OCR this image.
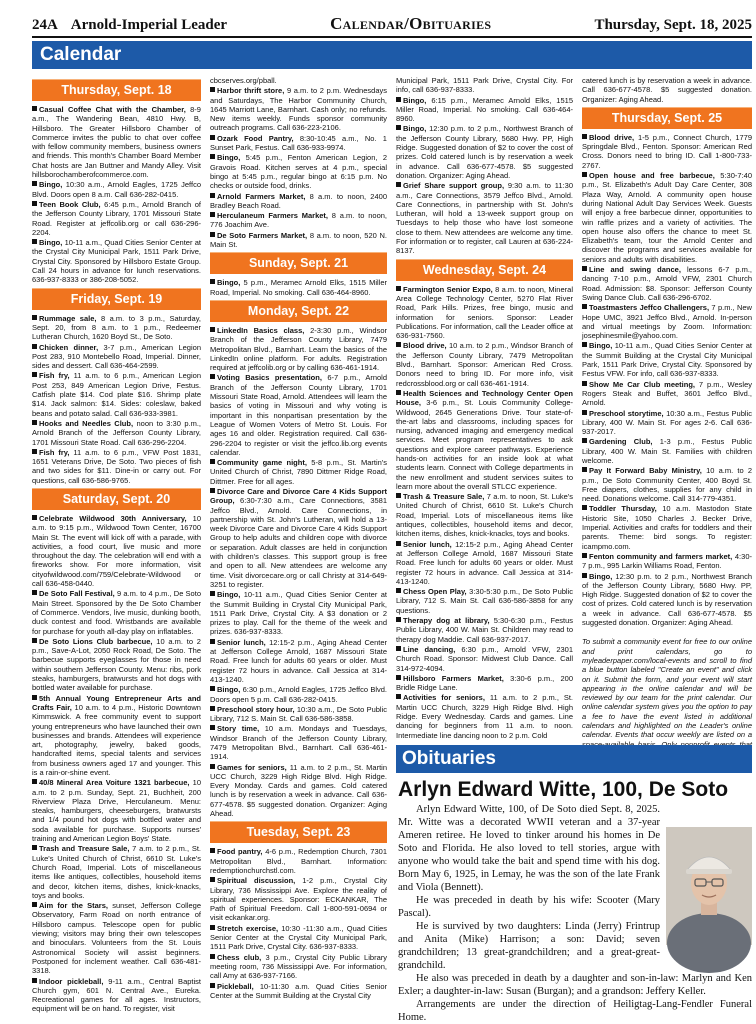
24A Arnold-Imperial Leader	Calendar/Obituaries	Thursday, Sept. 18, 2025
Calendar
Thursday, Sept. 18
Casual Coffee Chat with the Chamber, 8-9 a.m., The Wandering Bean, 4810 Hwy. B, Hillsboro. The Greater Hillsboro Chamber of Commerce invites the public to chat over coffee with fellow community members, business owners and friends. This month's Chamber Board Member Chat hosts are Jan Buttner and Mandy Alley. Visit hillsborochamberofcommerce.com.
Bingo, 10:30 a.m., Arnold Eagles, 1725 Jeffco Blvd. Doors open 8 a.m. Call 636-282-0415.
Teen Book Club, 6:45 p.m., Arnold Branch of the Jefferson County Library, 1701 Missouri State Road. Register at jeffcolib.org or call 636-296-2204.
Bingo, 10-11 a.m., Quad Cities Senior Center at the Crystal City Municipal Park, 1511 Park Drive, Crystal City. Sponsored by Hillsboro Estate Group. Call 24 hours in advance for lunch reservations. 636-937-8333 or 386-208-5052.
Friday, Sept. 19
Rummage sale, 8 a.m. to 3 p.m., Saturday, Sept. 20, from 8 a.m. to 1 p.m., Redeemer Lutheran Church, 1620 Boyd St., De Soto.
Chicken dinner, 3-7 p.m., American Legion Post 283, 910 Montebello Road, Imperial. Dinner, sides and dessert. Call 636-464-2599.
Fish fry, 11 a.m. to 6 p.m., American Legion Post 253, 849 American Legion Drive, Festus. Catfish plate $14. Cod plate $16. Shrimp plate $14. Jack salmon: $14. Sides: coleslaw, baked beans and potato salad. Call 636-933-3981.
Hooks and Needles Club, noon to 3:30 p.m., Arnold Branch of the Jefferson County Library, 1701 Missouri State Road. Call 636-296-2204.
Fish fry, 11 a.m. to 6 p.m., VFW Post 1831, 1651 Veterans Drive, De Soto. Two pieces of fish and two sides for $11. Dine-in or carry out. For questions, call 636-586-9765.
Saturday, Sept. 20
Celebrate Wildwood 30th Anniversary, 10 a.m. to 9:15 p.m., Wildwood Town Center, 16700 Main St. The event will kick off with a parade, with activities, a food court, live music and more throughout the day. The celebration will end with a fireworks show. For more information, visit cityofwildwood.com/759/Celebrate-Wildwood or call 636-458-0440.
De Soto Fall Festival, 9 a.m. to 4 p.m., De Soto Main Street. Sponsored by the De Soto Chamber of Commerce. Vendors, live music, dunking booth, duck contest and food. Wristbands are available for purchase for youth all-day play on inflatables.
De Soto Lions Club barbecue, 10 a.m. to 2 p.m., Save-A-Lot, 2050 Rock Road, De Soto. The barbecue supports eyeglasses for those in need within southern Jefferson County. Menu: ribs, pork steaks, hamburgers, bratwursts and hot dogs with bottled water available for purchase.
5th Annual Young Entrepreneur Arts and Crafts Fair, 10 a.m. to 4 p.m., Historic Downtown Kimmswick. A free community event to support young entrepreneurs who have launched their own businesses and brands. Attendees will experience art, photography, jewelry, baked goods, handcrafted items, special talents and services from business owners aged 17 and younger. This is a rain-or-shine event.
40/8 Mineral Area Voiture 1321 barbecue, 10 a.m. to 2 p.m. Sunday, Sept. 21, Buchheit, 200 Riverview Plaza Drive, Herculaneum. Menu: steaks, hamburgers, cheeseburgers, bratwursts and 1/4 pound hot dogs with bottled water and soda available for purchase. Supports nurses' training and American Legion Boys' State.
Trash and Treasure Sale, 7 a.m. to 2 p.m., St. Luke's United Church of Christ, 6610 St. Luke's Church Road, Imperial. Lots of miscellaneous items like antiques, collectibles, household items and decor, kitchen items, dishes, knick-knacks, toys and books.
Aim for the Stars, sunset, Jefferson College Observatory, Farm Road on north entrance of Hillsboro campus. Telescope open for public viewing; visitors may bring their own telescopes and binoculars. Volunteers from the St. Louis Astronomical Society will assist beginners. Postponed for inclement weather. Call 636-481-3318.
Indoor pickleball, 9-11 a.m., Central Baptist Church gym, 601 N. Central Ave., Eureka. Recreational games for all ages. Instructors, equipment will be on hand. To register, visit
cbcserves.org/pball.
Harbor thrift store, 9 a.m. to 2 p.m. Wednesdays and Saturdays, The Harbor Community Church, 1645 Marriott Lane, Barnhart. Cash only; no refunds. New items weekly. Funds sponsor community outreach programs. Call 636-223-2106.
Ozark Food Pantry, 8:30-10:45 a.m., No. 1 Sunset Park, Festus. Call 636-933-9974.
Bingo, 5:45 p.m., Fenton American Legion, 2 Gravois Road. Kitchen serves at 4 p.m., special bingo at 5:45 p.m., regular bingo at 6:15 p.m. No checks or outside food, drinks.
Arnold Farmers Market, 8 a.m. to noon, 2400 Bradley Beach Road.
Herculaneum Farmers Market, 8 a.m. to noon, 776 Joachim Ave.
De Soto Farmers Market, 8 a.m. to noon, 520 N. Main St.
Sunday, Sept. 21
Bingo, 5 p.m., Meramec Arnold Elks, 1515 Miller Road, Imperial. No smoking. Call 636-464-8960.
Monday, Sept. 22
LinkedIn Basics class, 2-3:30 p.m., Windsor Branch of the Jefferson County Library, 7479 Metropolitan Blvd., Barnhart. Learn the basics of the LinkedIn online platform. For adults. Registration required at jeffcolib.org or by calling 636-461-1914.
Voting Basics presentation, 6-7 p.m., Arnold Branch of the Jefferson County Library, 1701 Missouri State Road, Arnold. Attendees will learn the basics of voting in Missouri and why voting is important in this nonpartisan presentation by the League of Women Voters of Metro St. Louis. For ages 16 and older. Registration required. Call 636-296-2204 to register or visit the jeffco.lib.org events calendar.
Community game night, 5-8 p.m., St. Martin's United Church of Christ, 7890 Dittmer Ridge Road, Dittmer. Free for all ages.
Divorce Care and Divorce Care 4 Kids Support Group, 6:30-7:30 a.m., Care Connections, 3581 Jeffco Blvd., Arnold. Care Connections, in partnership with St. John's Lutheran, will hold a 13-week Divorce Care and Divorce Care 4 Kids Support Group to help adults and children cope with divorce or separation. Adult classes are held in conjunction with children's classes. This support group is free and open to all. New attendees are welcome any time. Visit divorcecare.org or call Christy at 314-649-3251 to register.
Bingo, 10-11 a.m., Quad Cities Senior Center at the Summit Building in Crystal City Municipal Park, 1511 Park Drive, Crystal City. A $3 donation or 2 prizes to play. Call for the theme of the week and prizes. 636-937-8333.
Senior lunch, 12:15-2 p.m., Aging Ahead Center at Jefferson College Arnold, 1687 Missouri State Road. Free lunch for adults 60 years or older. Must register 72 hours in advance. Call Jessica at 314-413-1240.
Bingo, 6:30 p.m., Arnold Eagles, 1725 Jeffco Blvd. Doors open 5 p.m. Call 636-282-0415.
Preschool story hour, 10:30 a.m., De Soto Public Library, 712 S. Main St. Call 636-586-3858.
Story time, 10 a.m. Mondays and Tuesdays, Windsor Branch of the Jefferson County Library, 7479 Metropolitan Blvd., Barnhart. Call 636-461-1914.
Games for seniors, 11 a.m. to 2 p.m., St. Martin UCC Church, 3229 High Ridge Blvd. High Ridge. Every Monday. Cards and games. Cold catered lunch is by reservation a week in advance. Call 636-677-4578. $5 suggested donation. Organizer: Aging Ahead.
Tuesday, Sept. 23
Food pantry, 4-6 p.m., Redemption Church, 7301 Metropolitan Blvd., Barnhart. Information: redemptionchurchstl.com.
Spiritual discussion, 1-2 p.m., Crystal City Library, 736 Mississippi Ave. Explore the reality of spiritual experiences. Sponsor: ECKANKAR, The Path of Spiritual Freedom. Call 1-800-591-0694 or visit eckankar.org.
Stretch exercise, 10:30 -11:30 a.m., Quad Cities Senior Center at the Crystal City Municipal Park, 1511 Park Drive, Crystal City. 636-937-8333.
Chess club, 3 p.m., Crystal City Public Library meeting room, 736 Mississippi Ave. For information, call Amy at 636-937-7166.
Pickleball, 10-11:30 a.m. Quad Cities Senior Center at the Summit Building at the Crystal City
Municipal Park, 1511 Park Drive, Crystal City. For info, call 636-937-8333.
Bingo, 6:15 p.m., Meramec Arnold Elks, 1515 Miller Road, Imperial. No smoking. Call 636-464-8960.
Bingo, 12:30 p.m. to 2 p.m., Northwest Branch of the Jefferson County Library, 5680 Hwy. PP, High Ridge. Suggested donation of $2 to cover the cost of prizes. Cold catered lunch is by reservation a week in advance. Call 636-677-4578. $5 suggested donation. Organizer: Aging Ahead.
Grief Share support group, 9:30 a.m. to 11:30 a.m., Care Connections, 3579 Jeffco Blvd., Arnold. Care Connections, in partnership with St. John's Lutheran, will hold a 13-week support group on Tuesdays to help those who have lost someone close to them. New attendees are welcome any time. For information or to register, call Lauren at 636-224-8137.
Wednesday, Sept. 24
Farmington Senior Expo, 8 a.m. to noon, Mineral Area College Technology Center, 5270 Flat River Road, Park Hills. Prizes, free bingo, music and information for seniors. Sponsor: Leader Publications. For information, call the Leader office at 636-931-7560.
Blood drive, 10 a.m. to 2 p.m., Windsor Branch of the Jefferson County Library, 7479 Metropolitan Blvd., Barnhart. Sponsor: American Red Cross. Donors need to bring ID. For more info, visit redcrossblood.org or call 636-461-1914.
Health Sciences and Technology Center Open House, 3-6 p.m., St. Louis Community College-Wildwood, 2645 Generations Drive. Tour state-of-the-art labs and classrooms, including spaces for nursing, advanced imaging and emergency medical services. Meet program representatives to ask questions and explore career pathways. Experience hands-on activities for an inside look at what students learn. Connect with College departments in the new enrollment and student services suites to learn more about the overall STLCC experience.
Trash & Treasure Sale, 7 a.m. to noon, St. Luke's United Church of Christ, 6610 St. Luke's Church Road, Imperial. Lots of miscellaneous items like antiques, collectibles, household items and decor, kitchen items, dishes, knick-knacks, toys and books.
Senior lunch, 12:15-2 p.m., Aging Ahead Center at Jefferson College Arnold, 1687 Missouri State Road. Free lunch for adults 60 years or older. Must register 72 hours in advance. Call Jessica at 314-413-1240.
Chess Open Play, 3:30-5:30 p.m., De Soto Public Library, 712 S. Main St. Call 636-586-3858 for any questions.
Therapy dog at library, 5:30-6:30 p.m., Festus Public Library, 400 W. Main St. Children may read to therapy dog Maddie. Call 636-937-2017.
Line dancing, 6:30 p.m., Arnold VFW, 2301 Church Road. Sponsor: Midwest Club Dance. Call 314-972-4094.
Hillsboro Farmers Market, 3:30-6 p.m., 200 Bridle Ridge Lane.
Activities for seniors, 11 a.m. to 2 p.m., St. Martin UCC Church, 3229 High Ridge Blvd. High Ridge. Every Wednesday. Cards and games. Line dancing for beginners from 11 a.m. to noon. Intermediate line dancing noon to 2 p.m. Cold
catered lunch is by reservation a week in advance. Call 636-677-4578. $5 suggested donation. Organizer: Aging Ahead.
Thursday, Sept. 25
Blood drive, 1-5 p.m., Connect Church, 1779 Springdale Blvd., Fenton. Sponsor: American Red Cross. Donors need to bring ID. Call 1-800-733-2767.
Open house and free barbecue, 5:30-7:40 p.m., St. Elizabeth's Adult Day Care Center, 308 Plaza Way, Arnold. A community open house during National Adult Day Services Week. Guests will enjoy a free barbecue dinner, opportunities to win raffle prizes and a variety of activities. The open house also offers the chance to meet St. Elizabeth's team, tour the Arnold Center and discover the programs and services available for seniors and adults with disabilities.
Line and swing dance, lessons 6-7 p.m., dancing 7-10 p.m., Arnold VFW, 2301 Church Road. Admission: $8. Sponsor: Jefferson County Swing Dance Club. Call 636-296-6702.
Toastmasters Jeffco Challengers, 7 p.m., New Hope UMC, 3921 Jeffco Blvd., Arnold. In-person and virtual meetings by Zoom. Information: josephinesmile@yahoo.com.
Bingo, 10-11 a.m., Quad Cities Senior Center at the Summit Building at the Crystal City Municipal Park, 1511 Park Drive, Crystal City. Sponsored by Festus VFW. For info, call 636-937-8333.
Show Me Car Club meeting, 7 p.m., Wesley Rogers Steak and Buffet, 3601 Jeffco Blvd., Arnold.
Preschool storytime, 10:30 a.m., Festus Public Library, 400 W. Main St. For ages 2-6. Call 636-937-2017.
Gardening Club, 1-3 p.m., Festus Public Library, 400 W. Main St. Families with children welcome.
Pay It Forward Baby Ministry, 10 a.m. to 2 p.m., De Soto Community Center, 400 Boyd St. Free diapers, clothes, supplies for any child in need. Donations welcome. Call 314-779-4351.
Toddler Thursday, 10 a.m. Mastodon State Historic Site, 1050 Charles J. Becker Drive, Imperial. Activities and crafts for toddlers and their parents. Theme: bird songs. To register: icampmo.com.
Fenton community and farmers market, 4:30-7 p.m., 995 Larkin Williams Road, Fenton.
Bingo, 12:30 p.m. to 2 p.m., Northwest Branch of the Jefferson County Library, 5680 Hwy. PP, High Ridge. Suggested donation of $2 to cover the cost of prizes. Cold catered lunch is by reservation a week in advance. Call 636-677-4578. $5 suggested donation. Organizer: Aging Ahead.
To submit a community event for free to our online and print calendars, go to myleaderpaper.com/local-events and scroll to find a blue button labeled "Create an event" and click on it. Submit the form, and your event will start appearing in the online calendar and will be reviewed by our team for the print calendar. Our online calendar system gives you the option to pay a fee to have the event listed in additional calendars and highlighted on the Leader's online calendar. Events that occur weekly are listed on a
Obituaries
Arlyn Edward Witte, 100, De Soto

Arlyn Edward Witte, 100, of De Soto died Sept. 8, 2025. Mr. Witte was a decorated WWII veteran and a 37-year Ameren retiree. He loved to tinker around his homes in De Soto and Florida. He also loved to tell stories, argue with anyone who would take the bait and spend time with his dog. Born May 6, 1925, in Lemay, he was the son of the late Frank and Viola (Bennett).

He was preceded in death by his wife: Scooter (Mary Pascal).

He is survived by two daughters: Linda (Jerry) Frintrup and Anita (Mike) Harrison; a son: David; seven grandchildren; 13 great-grandchildren; and a great-great-grandchild.

He also was preceded in death by a daughter and son-in-law: Marlyn and Ken Exler; a daughter-in-law: Susan (Burgan); and a grandson: Jeffery Keller.

Arrangements are under the direction of Heiligtag-Lang-Fendler Funeral Home.
